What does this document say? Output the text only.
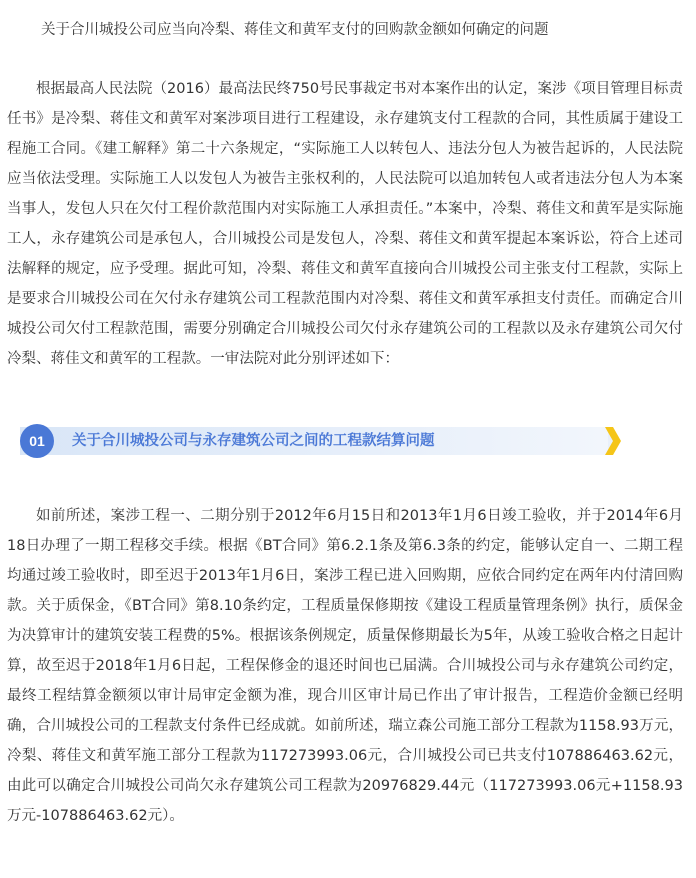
关于合川城投公司应当向冷梨、蒋佳文和黄军支付的回购款金额如何确定的问题

根据最高人民法院（2016）最高法民终750号民事裁定书对本案作出的认定，案涉《项目管理目标责任书》是冷梨、蒋佳文和黄军对案涉项目进行工程建设，永存建筑支付工程款的合同，其性质属于建设工程施工合同。《建工解释》第二十六条规定，“实际施工人以转包人、违法分包人为被告起诉的，人民法院应当依法受理。实际施工人以发包人为被告主张权利的，人民法院可以追加转包人或者违法分包人为本案当事人，发包人只在欠付工程价款范围内对实际施工人承担责任。”本案中，冷梨、蒋佳文和黄军是实际施工人，永存建筑公司是承包人，合川城投公司是发包人，冷梨、蒋佳文和黄军提起本案诉讼，符合上述司法解释的规定，应予受理。据此可知，冷梨、蒋佳文和黄军直接向合川城投公司主张支付工程款，实际上是要求合川城投公司在欠付永存建筑公司工程款范围内对冷梨、蒋佳文和黄军承担支付责任。而确定合川城投公司欠付工程款范围，需要分别确定合川城投公司欠付永存建筑公司的工程款以及永存建筑公司欠付冷梨、蒋佳文和黄军的工程款。一审法院对此分别评述如下：

01	关于合川城投公司与永存建筑公司之间的工程款结算问题

如前所述，案涉工程一、二期分别于2012年6月15日和2013年1月6日竣工验收，并于2014年6月18日办理了一期工程移交手续。根据《BT合同》第6.2.1条及第6.3条的约定，能够认定自一、二期工程均通过竣工验收时，即至迟于2013年1月6日，案涉工程已进入回购期，应依合同约定在两年内付清回购款。关于质保金，《BT合同》第8.10条约定，工程质量保修期按《建设工程质量管理条例》执行，质保金为决算审计的建筑安装工程费的5%。根据该条例规定，质量保修期最长为5年，从竣工验收合格之日起计算，故至迟于2018年1月6日起，工程保修金的退还时间也已届满。合川城投公司与永存建筑公司约定，最终工程结算金额须以审计局审定金额为准，现合川区审计局已作出了审计报告，工程造价金额已经明确，合川城投公司的工程款支付条件已经成就。如前所述，瑞立森公司施工部分工程款为1158.93万元，冷梨、蒋佳文和黄军施工部分工程款为117273993.06元，合川城投公司已共支付107886463.62元，由此可以确定合川城投公司尚欠永存建筑公司工程款为20976829.44元（117273993.06元+1158.93万元-107886463.62元）。
